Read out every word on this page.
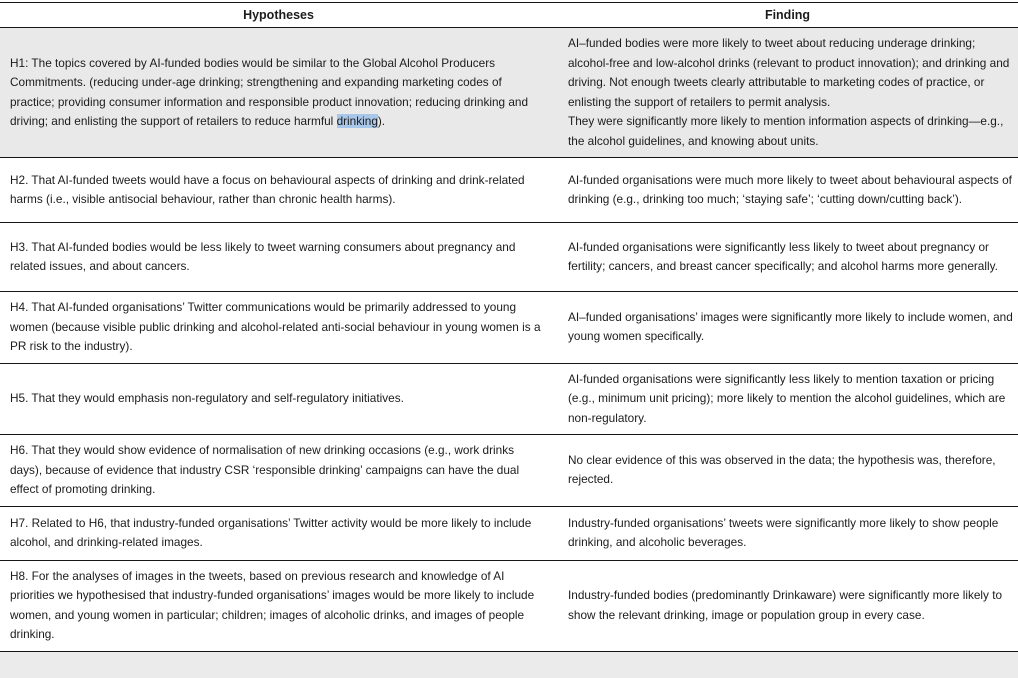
Hypotheses	Finding

H1: The topics covered by AI-funded bodies would be similar to the Global Alcohol Producers Commitments. (reducing under-age drinking; strengthening and expanding marketing codes of practice; providing consumer information and responsible product innovation; reducing drinking and driving; and enlisting the support of retailers to reduce harmful drinking).

AI–funded bodies were more likely to tweet about reducing underage drinking; alcohol-free and low-alcohol drinks (relevant to product innovation); and drinking and driving. Not enough tweets clearly attributable to marketing codes of practice, or enlisting the support of retailers to permit analysis.

They were significantly more likely to mention information aspects of drinking—e.g., the alcohol guidelines, and knowing about units.

H2. That AI-funded tweets would have a focus on behavioural aspects of drinking and drink-related harms (i.e., visible antisocial behaviour, rather than chronic health harms).

AI-funded organisations were much more likely to tweet about behavioural aspects of drinking (e.g., drinking too much; ‘staying safe’; ‘cutting down/cutting back’).

H3. That AI-funded bodies would be less likely to tweet warning consumers about pregnancy and related issues, and about cancers.

AI-funded organisations were significantly less likely to tweet about pregnancy or fertility; cancers, and breast cancer specifically; and alcohol harms more generally.

H4. That AI-funded organisations’ Twitter communications would be primarily addressed to young women (because visible public drinking and alcohol-related anti-social behaviour in young women is a PR risk to the industry).

AI–funded organisations’ images were significantly more likely to include women, and young women specifically.

H5. That they would emphasis non-regulatory and self-regulatory initiatives.

AI-funded organisations were significantly less likely to mention taxation or pricing (e.g., minimum unit pricing); more likely to mention the alcohol guidelines, which are non-regulatory.

H6. That they would show evidence of normalisation of new drinking occasions (e.g., work drinks days), because of evidence that industry CSR ‘responsible drinking’ campaigns can have the dual effect of promoting drinking.

No clear evidence of this was observed in the data; the hypothesis was, therefore, rejected.

H7. Related to H6, that industry-funded organisations’ Twitter activity would be more likely to include alcohol, and drinking-related images.

Industry-funded organisations’ tweets were significantly more likely to show people drinking, and alcoholic beverages.

H8. For the analyses of images in the tweets, based on previous research and knowledge of AI priorities we hypothesised that industry-funded organisations’ images would be more likely to include women, and young women in particular; children; images of alcoholic drinks, and images of people drinking.

Industry-funded bodies (predominantly Drinkaware) were significantly more likely to show the relevant drinking, image or population group in every case.
